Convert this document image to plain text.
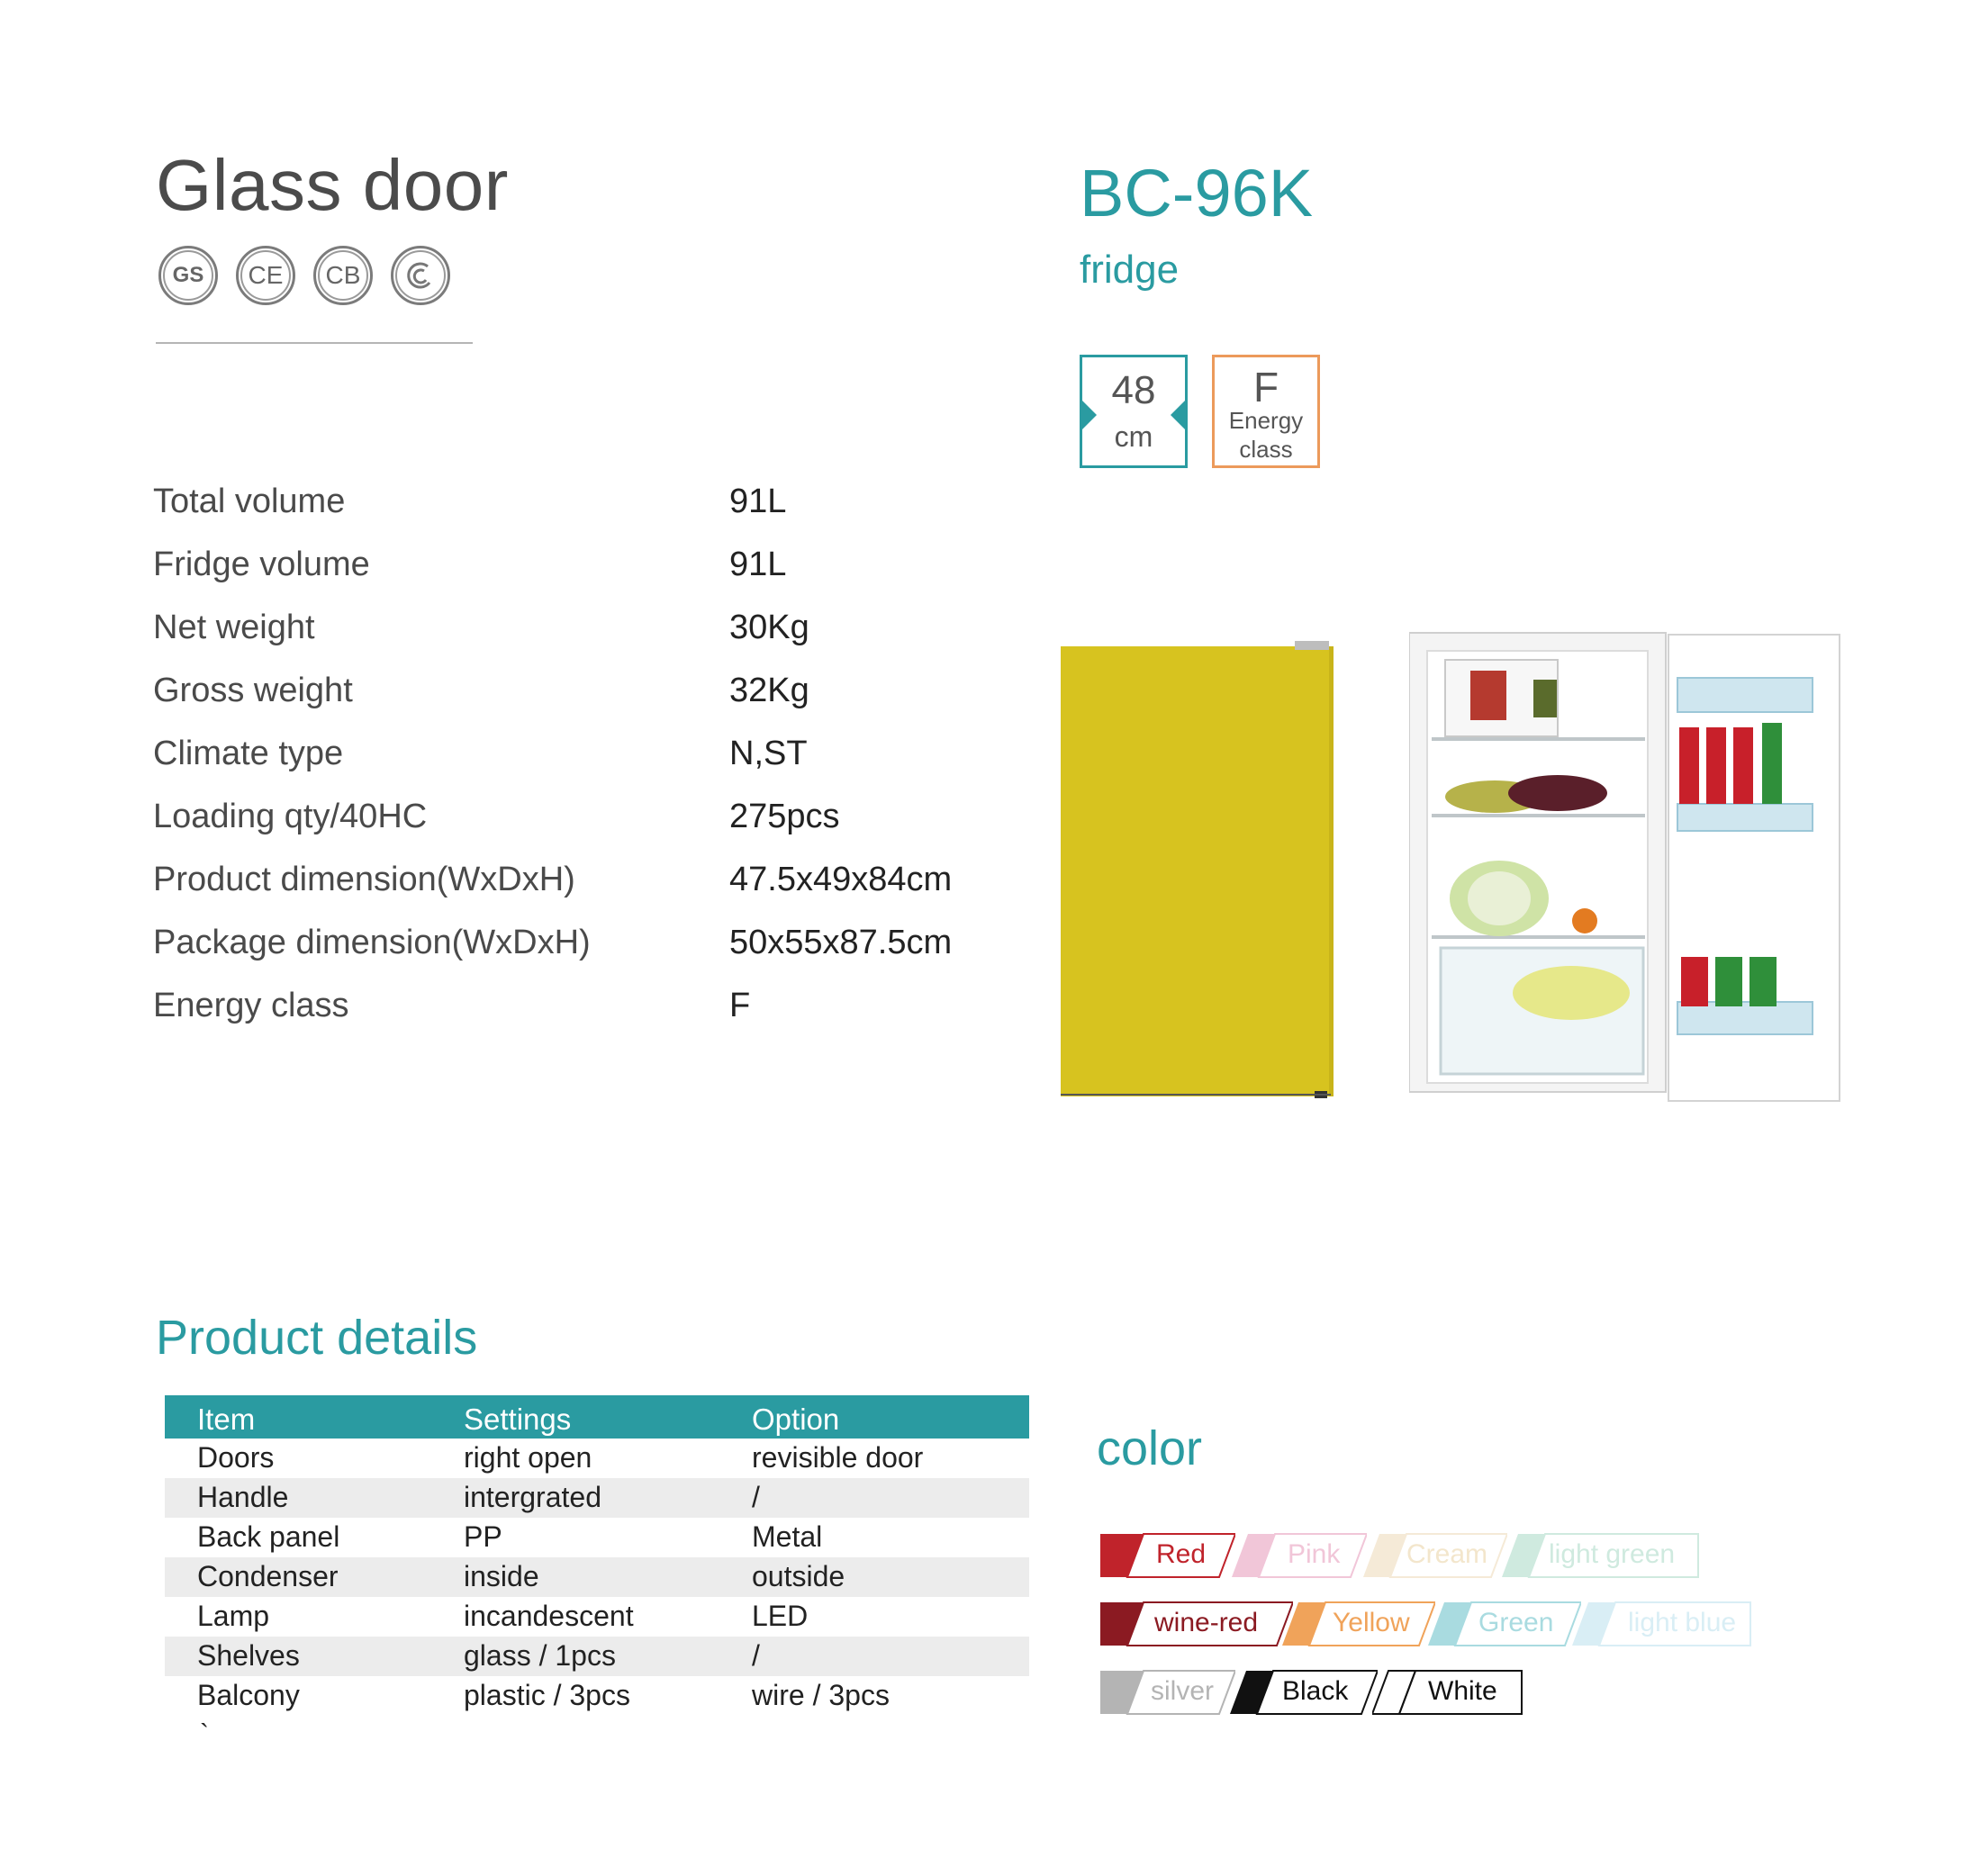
Glass door
GS CE CB
BC-96K
fridge
48
cm
F
Energy
class
Total volume	91L
Fridge volume	91L
Net weight	30Kg
Gross weight	32Kg
Climate type	N,ST
Loading qty/40HC	275pcs
Product dimension(WxDxH)	47.5x49x84cm
Package dimension(WxDxH)	50x55x87.5cm
Energy class	F
Product details
Item	Settings	Option
Doors	right open	revisible door
Handle	intergrated	/
Back panel	PP	Metal
Condenser	inside	outside
Lamp	incandescent	LED
Shelves	glass / 1pcs	/
Balcony	plastic / 3pcs	wire / 3pcs
`
color
Red	Pink Cream light green
wine-red	Yellow	Green	light blue
silver	Black	White
